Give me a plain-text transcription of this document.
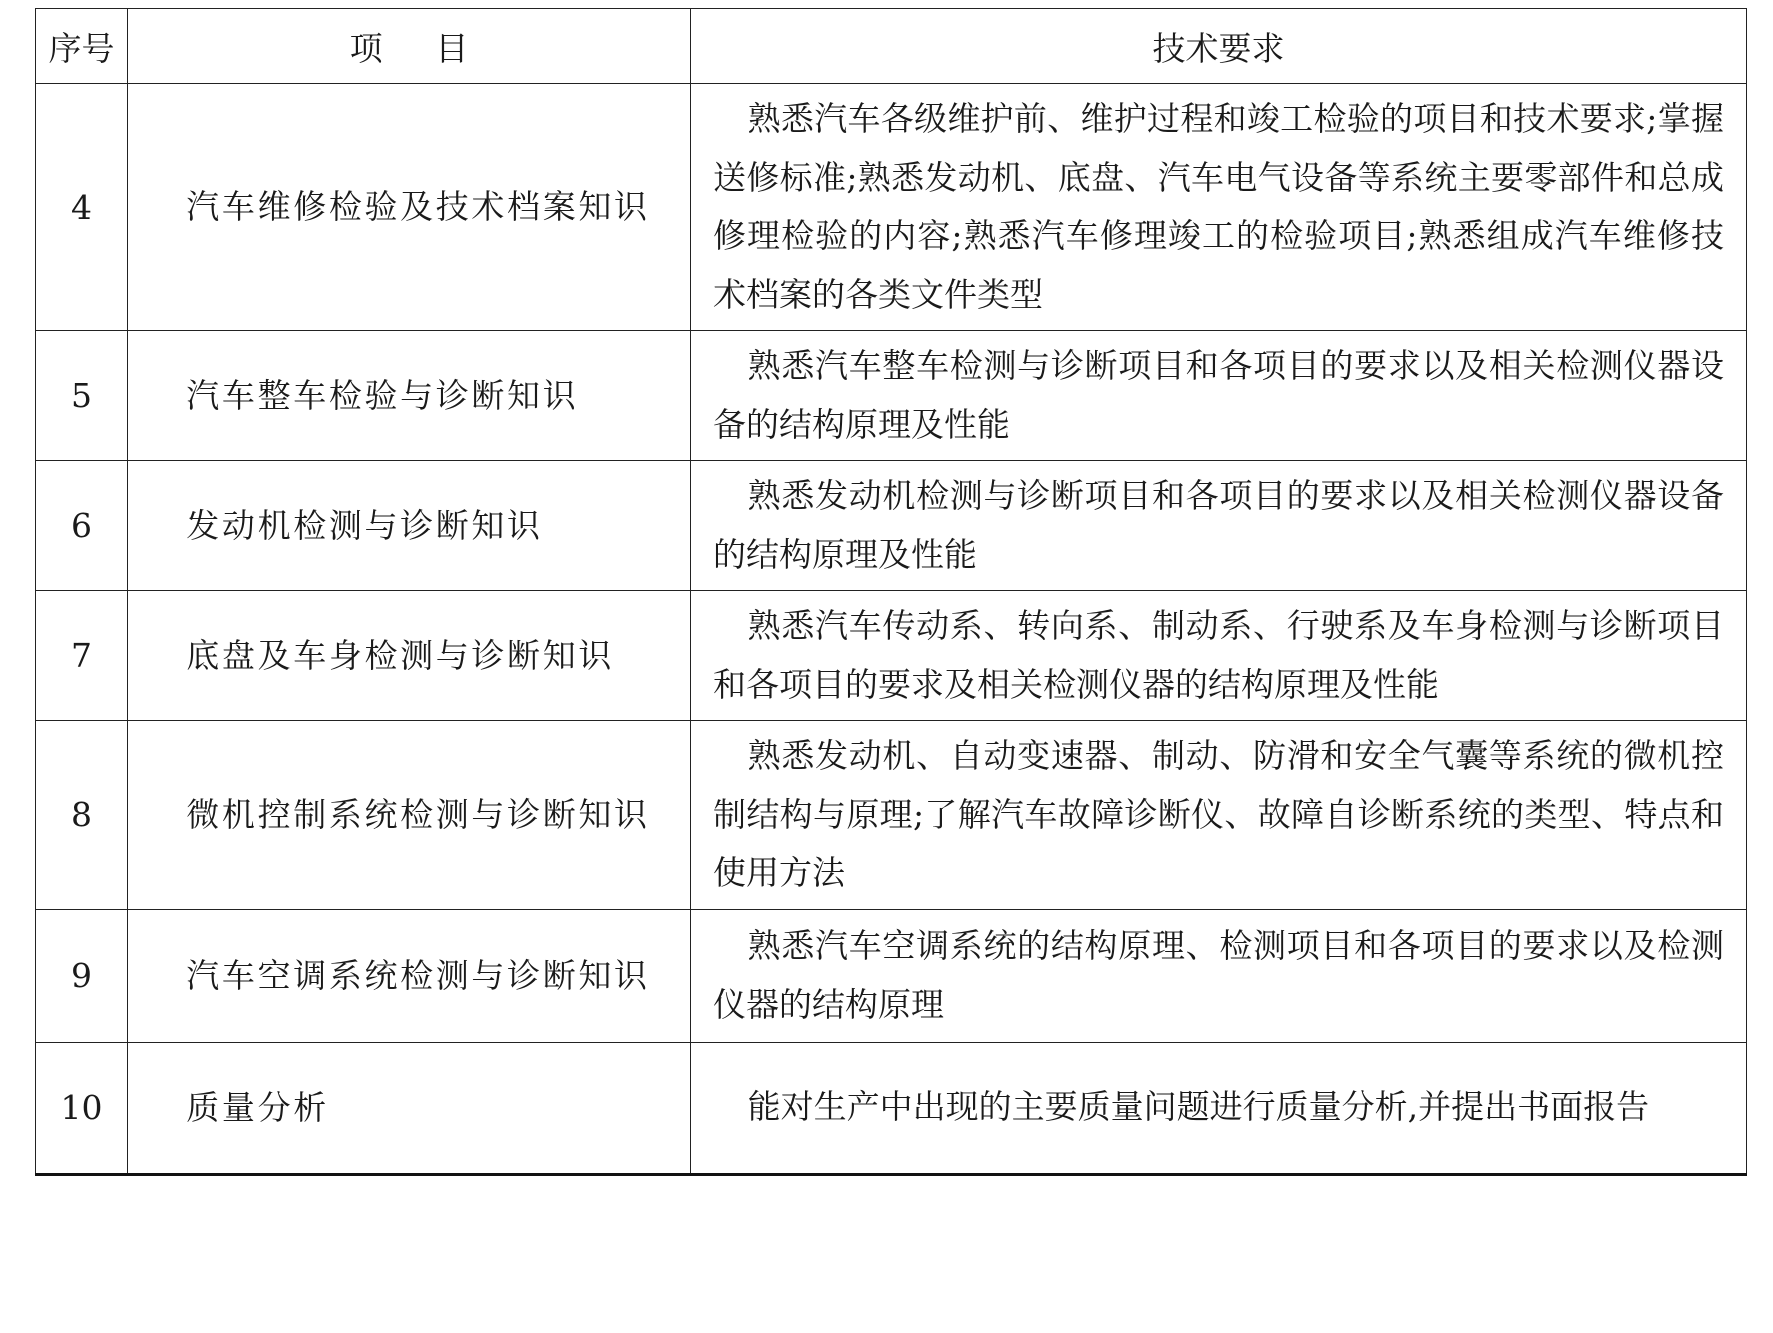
序号	项目	技术要求
4	汽车维修检验及技术档案知识	熟悉汽车各级维护前、维护过程和竣工检验的项目和技术要求;掌握送修标准;熟悉发动机、底盘、汽车电气设备等系统主要零部件和总成修理检验的内容;熟悉汽车修理竣工的检验项目;熟悉组成汽车维修技术档案的各类文件类型

5	汽车整车检验与诊断知识	熟悉汽车整车检测与诊断项目和各项目的要求以及相关检测仪器设备的结构原理及性能

6	发动机检测与诊断知识	熟悉发动机检测与诊断项目和各项目的要求以及相关检测仪器设备的结构原理及性能

7	底盘及车身检测与诊断知识	熟悉汽车传动系、转向系、制动系、行驶系及车身检测与诊断项目和各项目的要求及相关检测仪器的结构原理及性能

8	微机控制系统检测与诊断知识	熟悉发动机、自动变速器、制动、防滑和安全气囊等系统的微机控制结构与原理;了解汽车故障诊断仪、故障自诊断系统的类型、特点和使用方法

9	汽车空调系统检测与诊断知识	熟悉汽车空调系统的结构原理、检测项目和各项目的要求以及检测仪器的结构原理

10	质量分析	能对生产中出现的主要质量问题进行质量分析,并提出书面报告
